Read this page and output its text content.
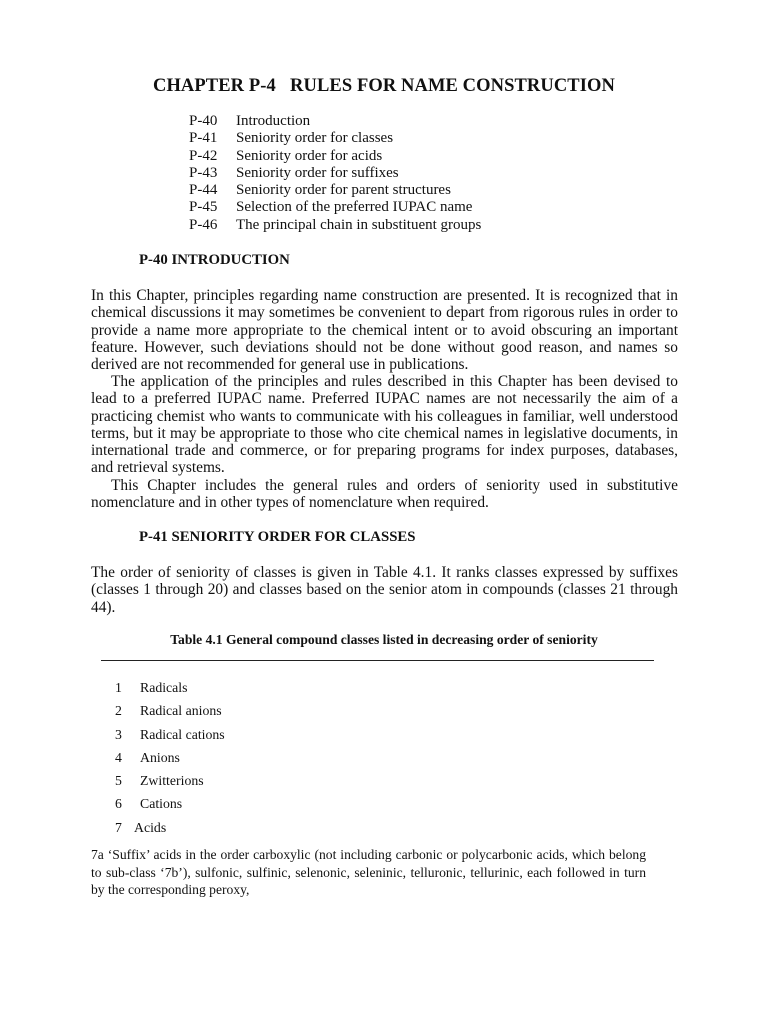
CHAPTER P-4   RULES FOR NAME CONSTRUCTION
P-40	Introduction
P-41	Seniority order for classes
P-42	Seniority order for acids
P-43	Seniority order for suffixes
P-44	Seniority order for parent structures
P-45	Selection of the preferred IUPAC name
P-46	The principal chain in substituent groups
P-40 INTRODUCTION

In this Chapter, principles regarding name construction are presented. It is recognized that in chemical discussions it may sometimes be convenient to depart from rigorous rules in order to provide a name more appropriate to the chemical intent or to avoid obscuring an important feature. However, such deviations should not be done without good reason, and names so derived are not recommended for general use in publications.

The application of the principles and rules described in this Chapter has been devised to lead to a preferred IUPAC name. Preferred IUPAC names are not necessarily the aim of a practicing chemist who wants to communicate with his colleagues in familiar, well understood terms, but it may be appropriate to those who cite chemical names in legislative documents, in international trade and commerce, or for preparing programs for index purposes, databases, and retrieval systems.

This Chapter includes the general rules and orders of seniority used in substitutive nomenclature and in other types of nomenclature when required.

P-41 SENIORITY ORDER FOR CLASSES

The order of seniority of classes is given in Table 4.1. It ranks classes expressed by suffixes (classes 1 through 20) and classes based on the senior atom in compounds (classes 21 through 44).

Table 4.1 General compound classes listed in decreasing order of seniority
1	Radicals
2	Radical anions
3	Radical cations
4	Anions
5	Zwitterions
6	Cations
7 Acids

7a ‘Suffix’ acids in the order carboxylic (not including carbonic or polycarbonic acids, which belong to sub-class ‘7b’), sulfonic, sulfinic, selenonic, seleninic, telluronic, tellurinic, each followed in turn by the corresponding peroxy,
